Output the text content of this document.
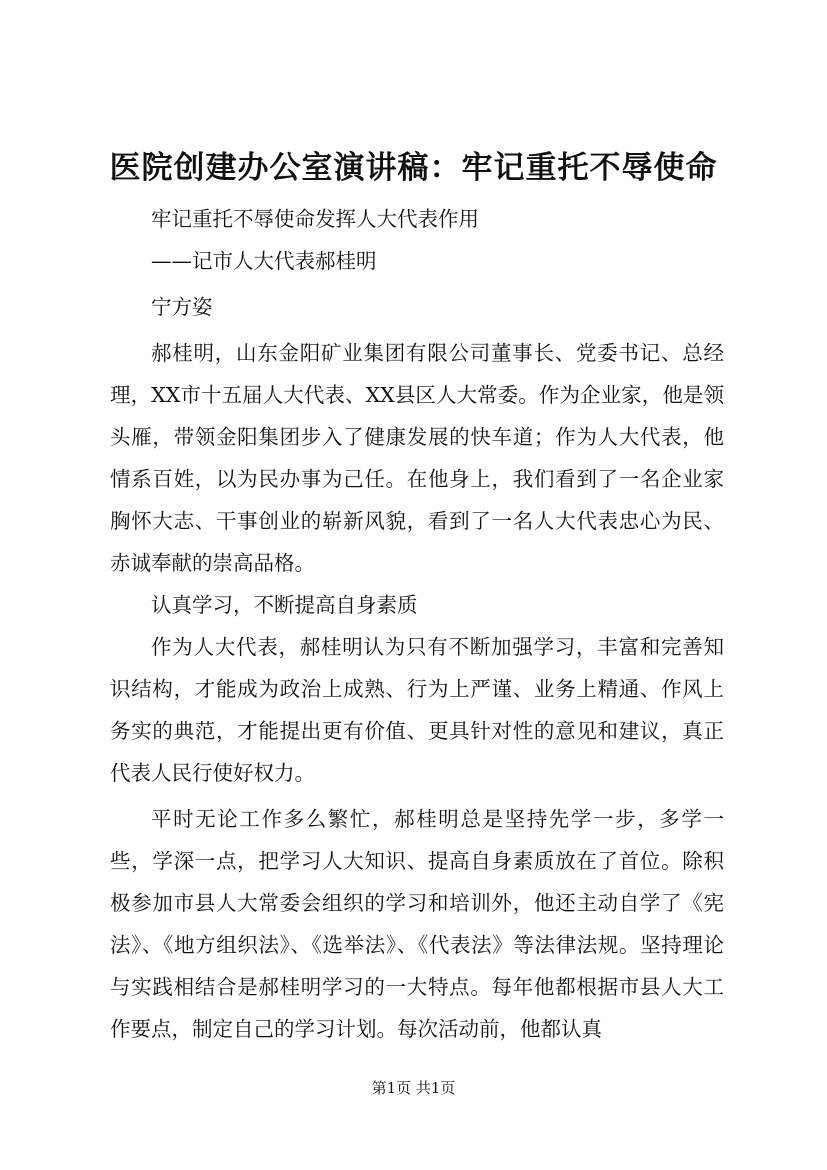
医院创建办公室演讲稿：牢记重托不辱使命

牢记重托不辱使命发挥人大代表作用

——记市人大代表郝桂明

宁方姿

郝桂明，山东金阳矿业集团有限公司董事长、党委书记、总经理，XX市十五届人大代表、XX县区人大常委。作为企业家，他是领头雁，带领金阳集团步入了健康发展的快车道；作为人大代表，他情系百姓，以为民办事为己任。在他身上，我们看到了一名企业家胸怀大志、干事创业的崭新风貌，看到了一名人大代表忠心为民、赤诚奉献的崇高品格。

认真学习，不断提高自身素质

作为人大代表，郝桂明认为只有不断加强学习，丰富和完善知识结构，才能成为政治上成熟、行为上严谨、业务上精通、作风上务实的典范，才能提出更有价值、更具针对性的意见和建议，真正代表人民行使好权力。

平时无论工作多么繁忙，郝桂明总是坚持先学一步，多学一些，学深一点，把学习人大知识、提高自身素质放在了首位。除积极参加市县人大常委会组织的学习和培训外，他还主动自学了《宪法》、《地方组织法》、《选举法》、《代表法》等法律法规。坚持理论与实践相结合是郝桂明学习的一大特点。每年他都根据市县人大工作要点，制定自己的学习计划。每次活动前，他都认真

第1页 共1页
